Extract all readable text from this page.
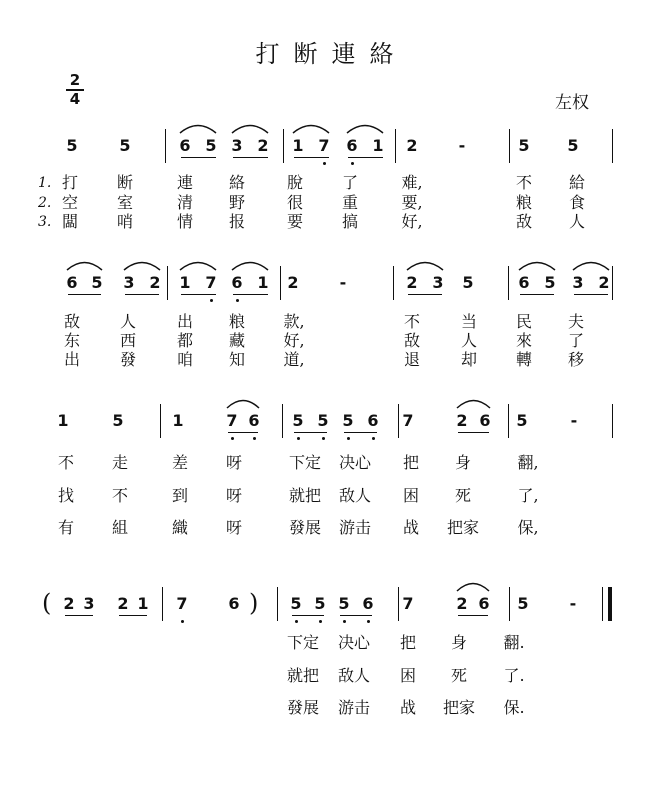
打断連絡
左权
2
4
5	5	6 5 3 2 1 7 6 1 2	-	5 5
1. 打 断	連 絡	脫 了	难,	不 給
2. 空 室	清 野	很 重	要,	粮 食
3. 闆 哨	情 报	要 搞	好,	敌 人
6 5 3 2 1 7 6 1 2	-	2 3 5	6 5 3 2
敌 人	出 粮	款,	不	当 民 夫
东 西	都 藏	好,	敌	人 來 了
出 發	咱 知	道,	退	却 轉 移
1	5	1	7 6 5 5 5 6 7	2 6 5	-
不 走	差 呀	下定 决心 把 身	翻,
找 不	到 呀	就把 敌人 困 死	了,
有 組	織 呀	發展 游击 战 把家	保,
2 3 2 1 7	6	5 5 5 6 7	2 6 5	-
(	)
下定 决心 把 身	翻.
就把 敌人 困 死	了.
發展 游击 战 把家	保.
